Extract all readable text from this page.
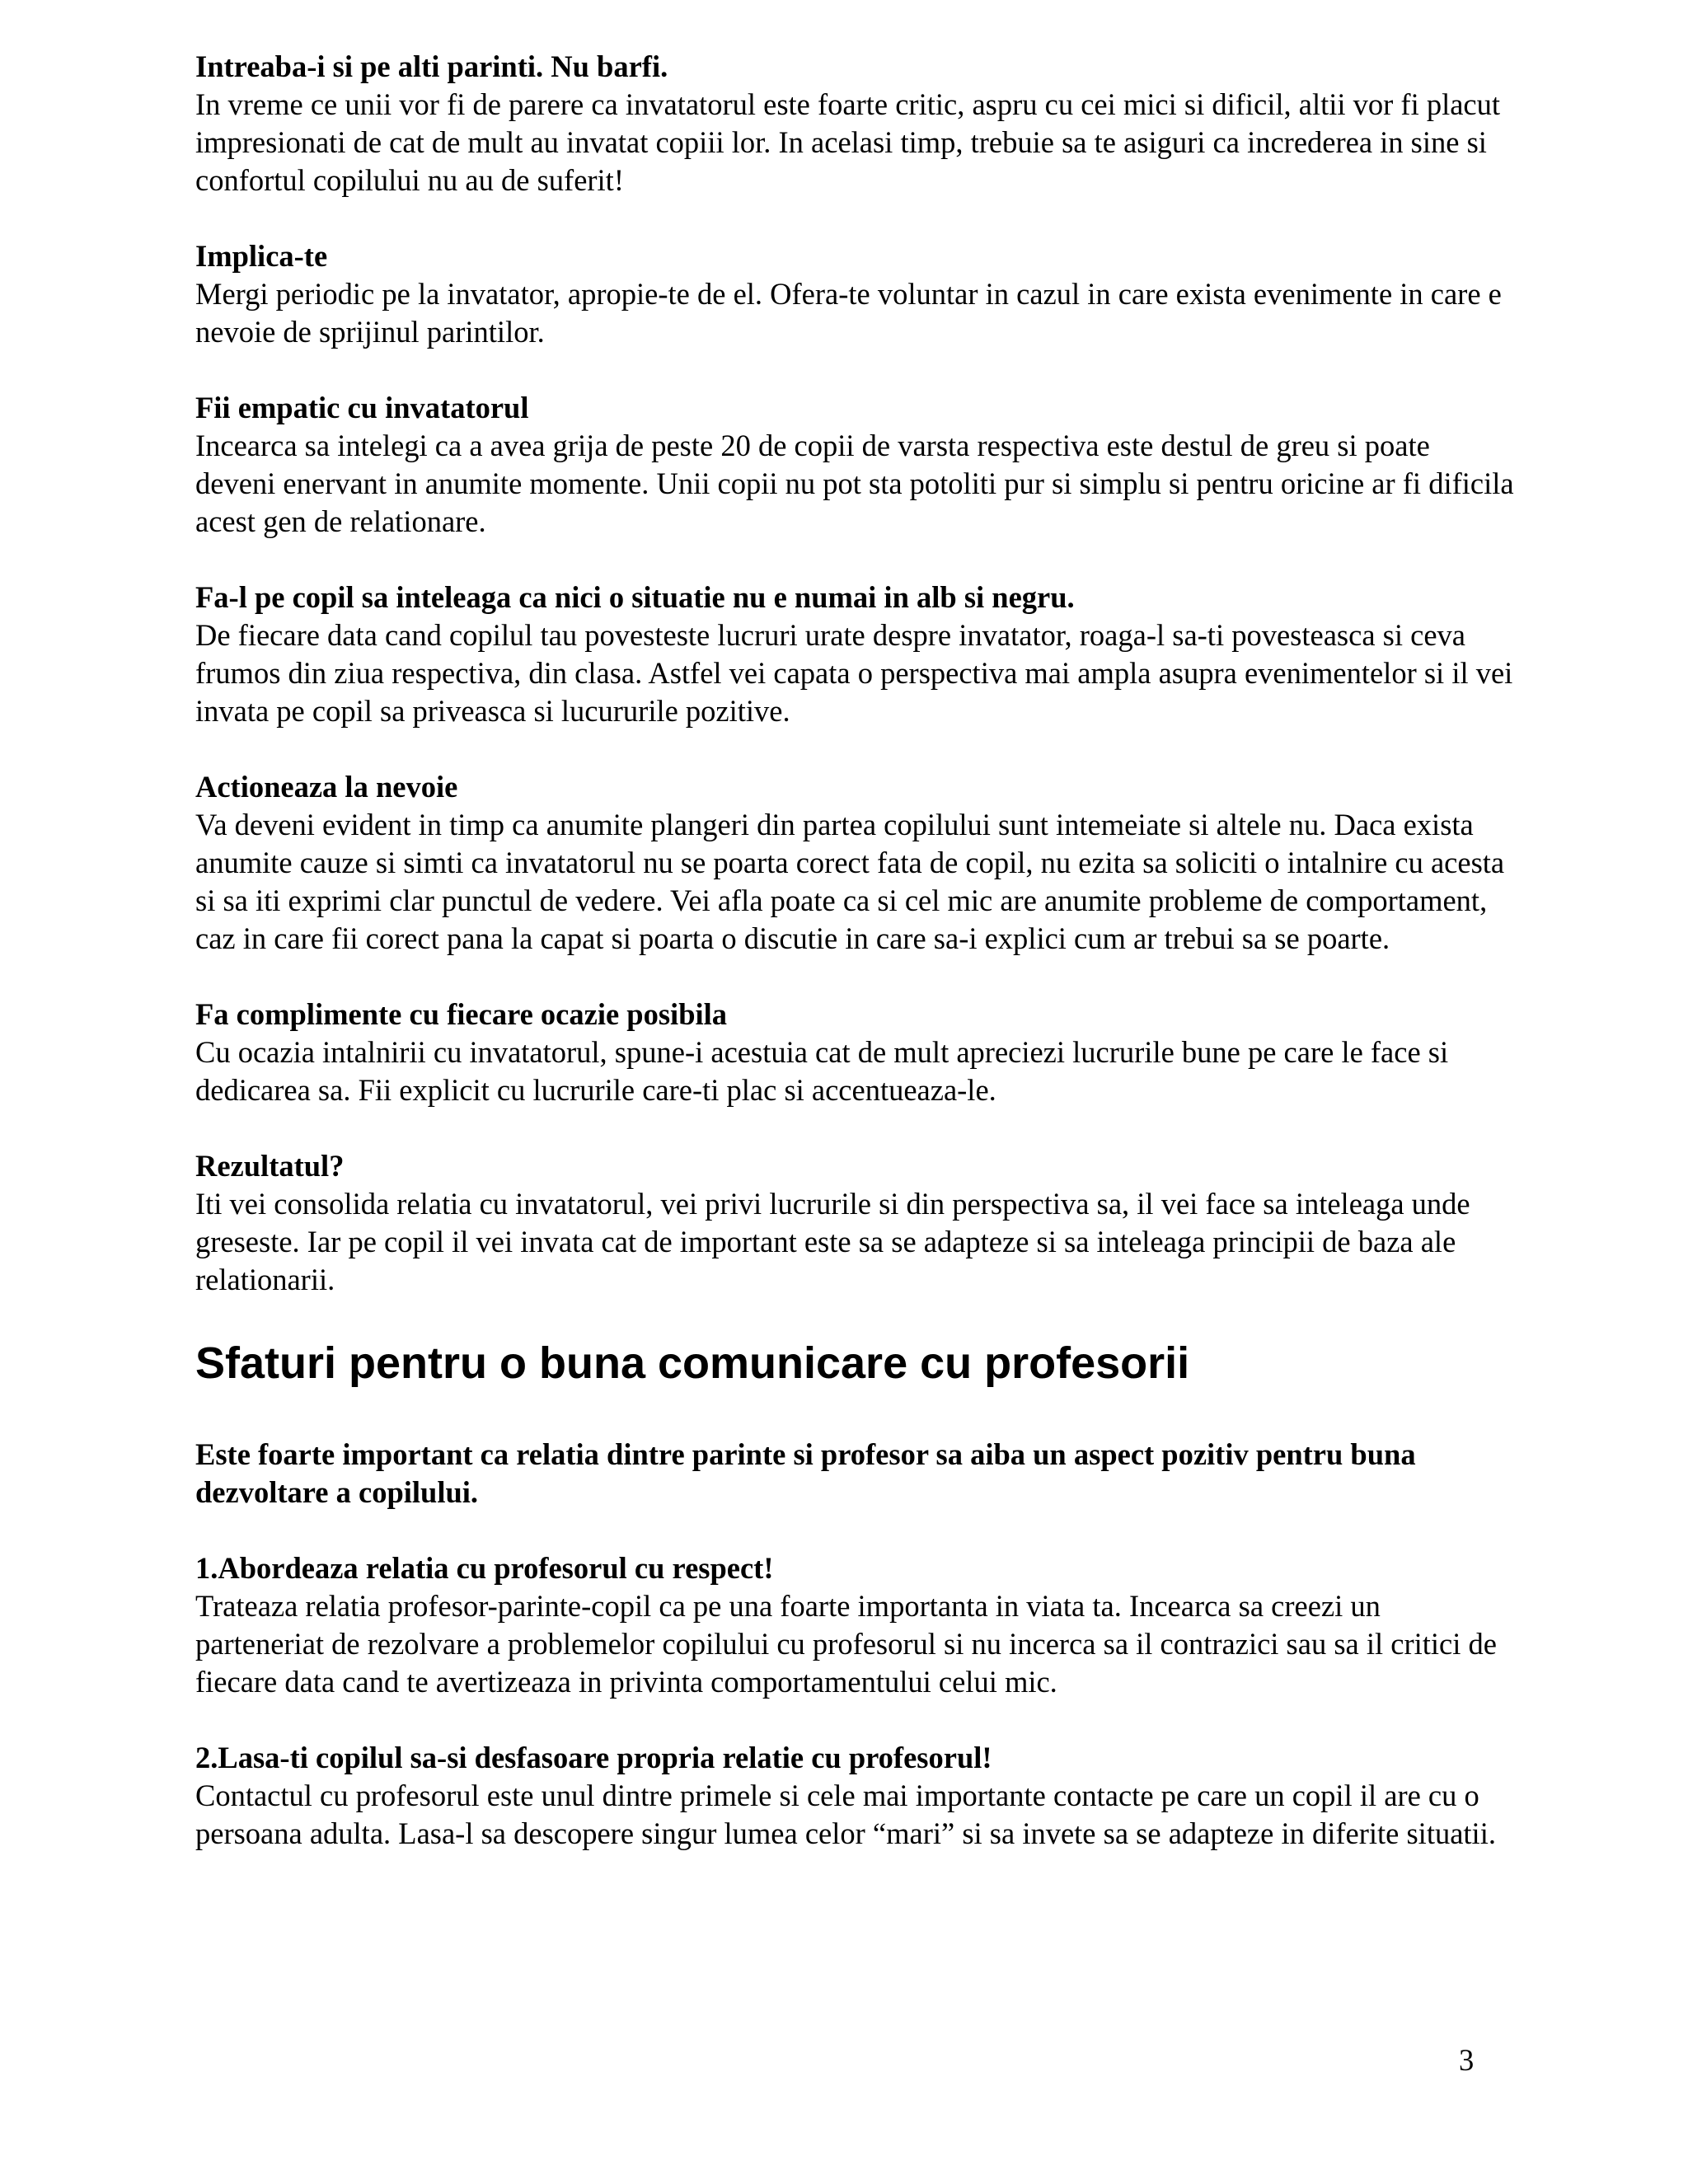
Intreaba-i si pe alti parinti. Nu barfi.

In vreme ce unii vor fi de parere ca invatatorul este foarte critic, aspru cu cei mici si dificil, altii vor fi placut impresionati de cat de mult au invatat copiii lor. In acelasi timp, trebuie sa te asiguri ca increderea in sine si confortul copilului nu au de suferit!

Implica-te

Mergi periodic pe la invatator, apropie-te de el. Ofera-te voluntar in cazul in care exista evenimente in care e nevoie de sprijinul parintilor.

Fii empatic cu invatatorul

Incearca sa intelegi ca a avea grija de peste 20 de copii de varsta respectiva este destul de greu si poate deveni enervant in anumite momente. Unii copii nu pot sta potoliti pur si simplu si pentru oricine ar fi dificila acest gen de relationare.

Fa-l pe copil sa inteleaga ca nici o situatie nu e numai in alb si negru.

De fiecare data cand copilul tau povesteste lucruri urate despre invatator, roaga-l sa-ti povesteasca si ceva frumos din ziua respectiva, din clasa. Astfel vei capata o perspectiva mai ampla asupra evenimentelor si il vei invata pe copil sa priveasca si lucururile pozitive.

Actioneaza la nevoie

Va deveni evident in timp ca anumite plangeri din partea copilului sunt intemeiate si altele nu. Daca exista anumite cauze si simti ca invatatorul nu se poarta corect fata de copil, nu ezita sa soliciti o intalnire cu acesta si sa iti exprimi clar punctul de vedere. Vei afla poate ca si cel mic are anumite probleme de comportament, caz in care fii corect pana la capat si poarta o discutie in care sa-i explici cum ar trebui sa se poarte.

Fa complimente cu fiecare ocazie posibila

Cu ocazia intalnirii cu invatatorul, spune-i acestuia cat de mult apreciezi lucrurile bune pe care le face si dedicarea sa. Fii explicit cu lucrurile care-ti plac si accentueaza-le.

Rezultatul?

Iti vei consolida relatia cu invatatorul, vei privi lucrurile si din perspectiva sa, il vei face sa inteleaga unde greseste. Iar pe copil il vei invata cat de important este sa se adapteze si sa inteleaga principii de baza ale relationarii.

Sfaturi pentru o buna comunicare cu profesorii

Este foarte important ca relatia dintre parinte si profesor sa aiba un aspect pozitiv pentru buna dezvoltare a copilului.

1.Abordeaza relatia cu profesorul cu respect!

Trateaza relatia profesor-parinte-copil ca pe una foarte importanta in viata ta. Incearca sa creezi un parteneriat de rezolvare a problemelor copilului cu profesorul si nu incerca sa il contrazici sau sa il critici de fiecare data cand te avertizeaza in privinta comportamentului celui mic.

2.Lasa-ti copilul sa-si desfasoare propria relatie cu profesorul!

Contactul cu profesorul este unul dintre primele si cele mai importante contacte pe care un copil il are cu o persoana adulta. Lasa-l sa descopere singur lumea celor “mari” si sa invete sa se adapteze in diferite situatii.

3
